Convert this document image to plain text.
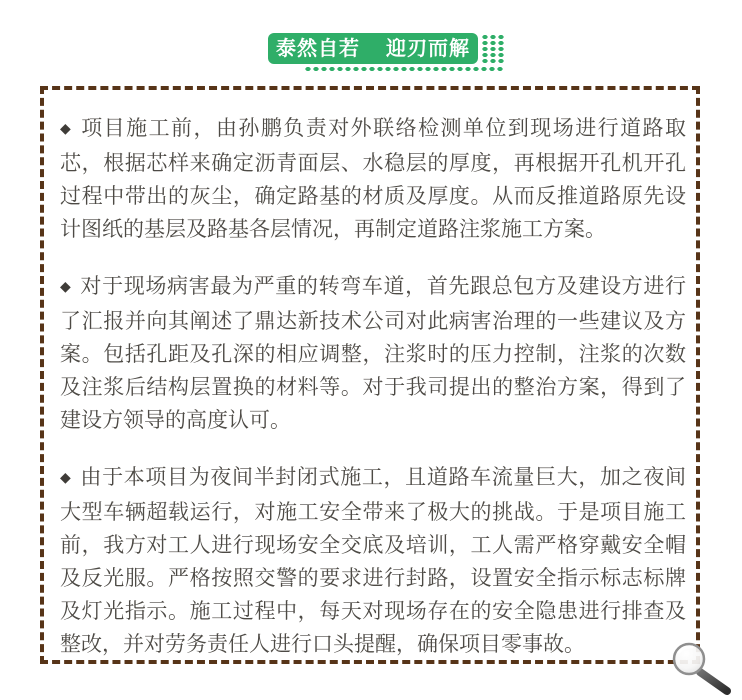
泰然自若 迎刃而解

◆ 项目施工前，由孙鹏负责对外联络检测单位到现场进行道路取芯，根据芯样来确定沥青面层、水稳层的厚度，再根据开孔机开孔过程中带出的灰尘，确定路基的材质及厚度。从而反推道路原先设计图纸的基层及路基各层情况，再制定道路注浆施工方案。

◆ 对于现场病害最为严重的转弯车道，首先跟总包方及建设方进行了汇报并向其阐述了鼎达新技术公司对此病害治理的一些建议及方案。包括孔距及孔深的相应调整，注浆时的压力控制，注浆的次数及注浆后结构层置换的材料等。对于我司提出的整治方案，得到了建设方领导的高度认可。

◆ 由于本项目为夜间半封闭式施工，且道路车流量巨大，加之夜间大型车辆超载运行，对施工安全带来了极大的挑战。于是项目施工前，我方对工人进行现场安全交底及培训，工人需严格穿戴安全帽及反光服。严格按照交警的要求进行封路，设置安全指示标志标牌及灯光指示。施工过程中，每天对现场存在的安全隐患进行排查及整改，并对劳务责任人进行口头提醒，确保项目零事故。
